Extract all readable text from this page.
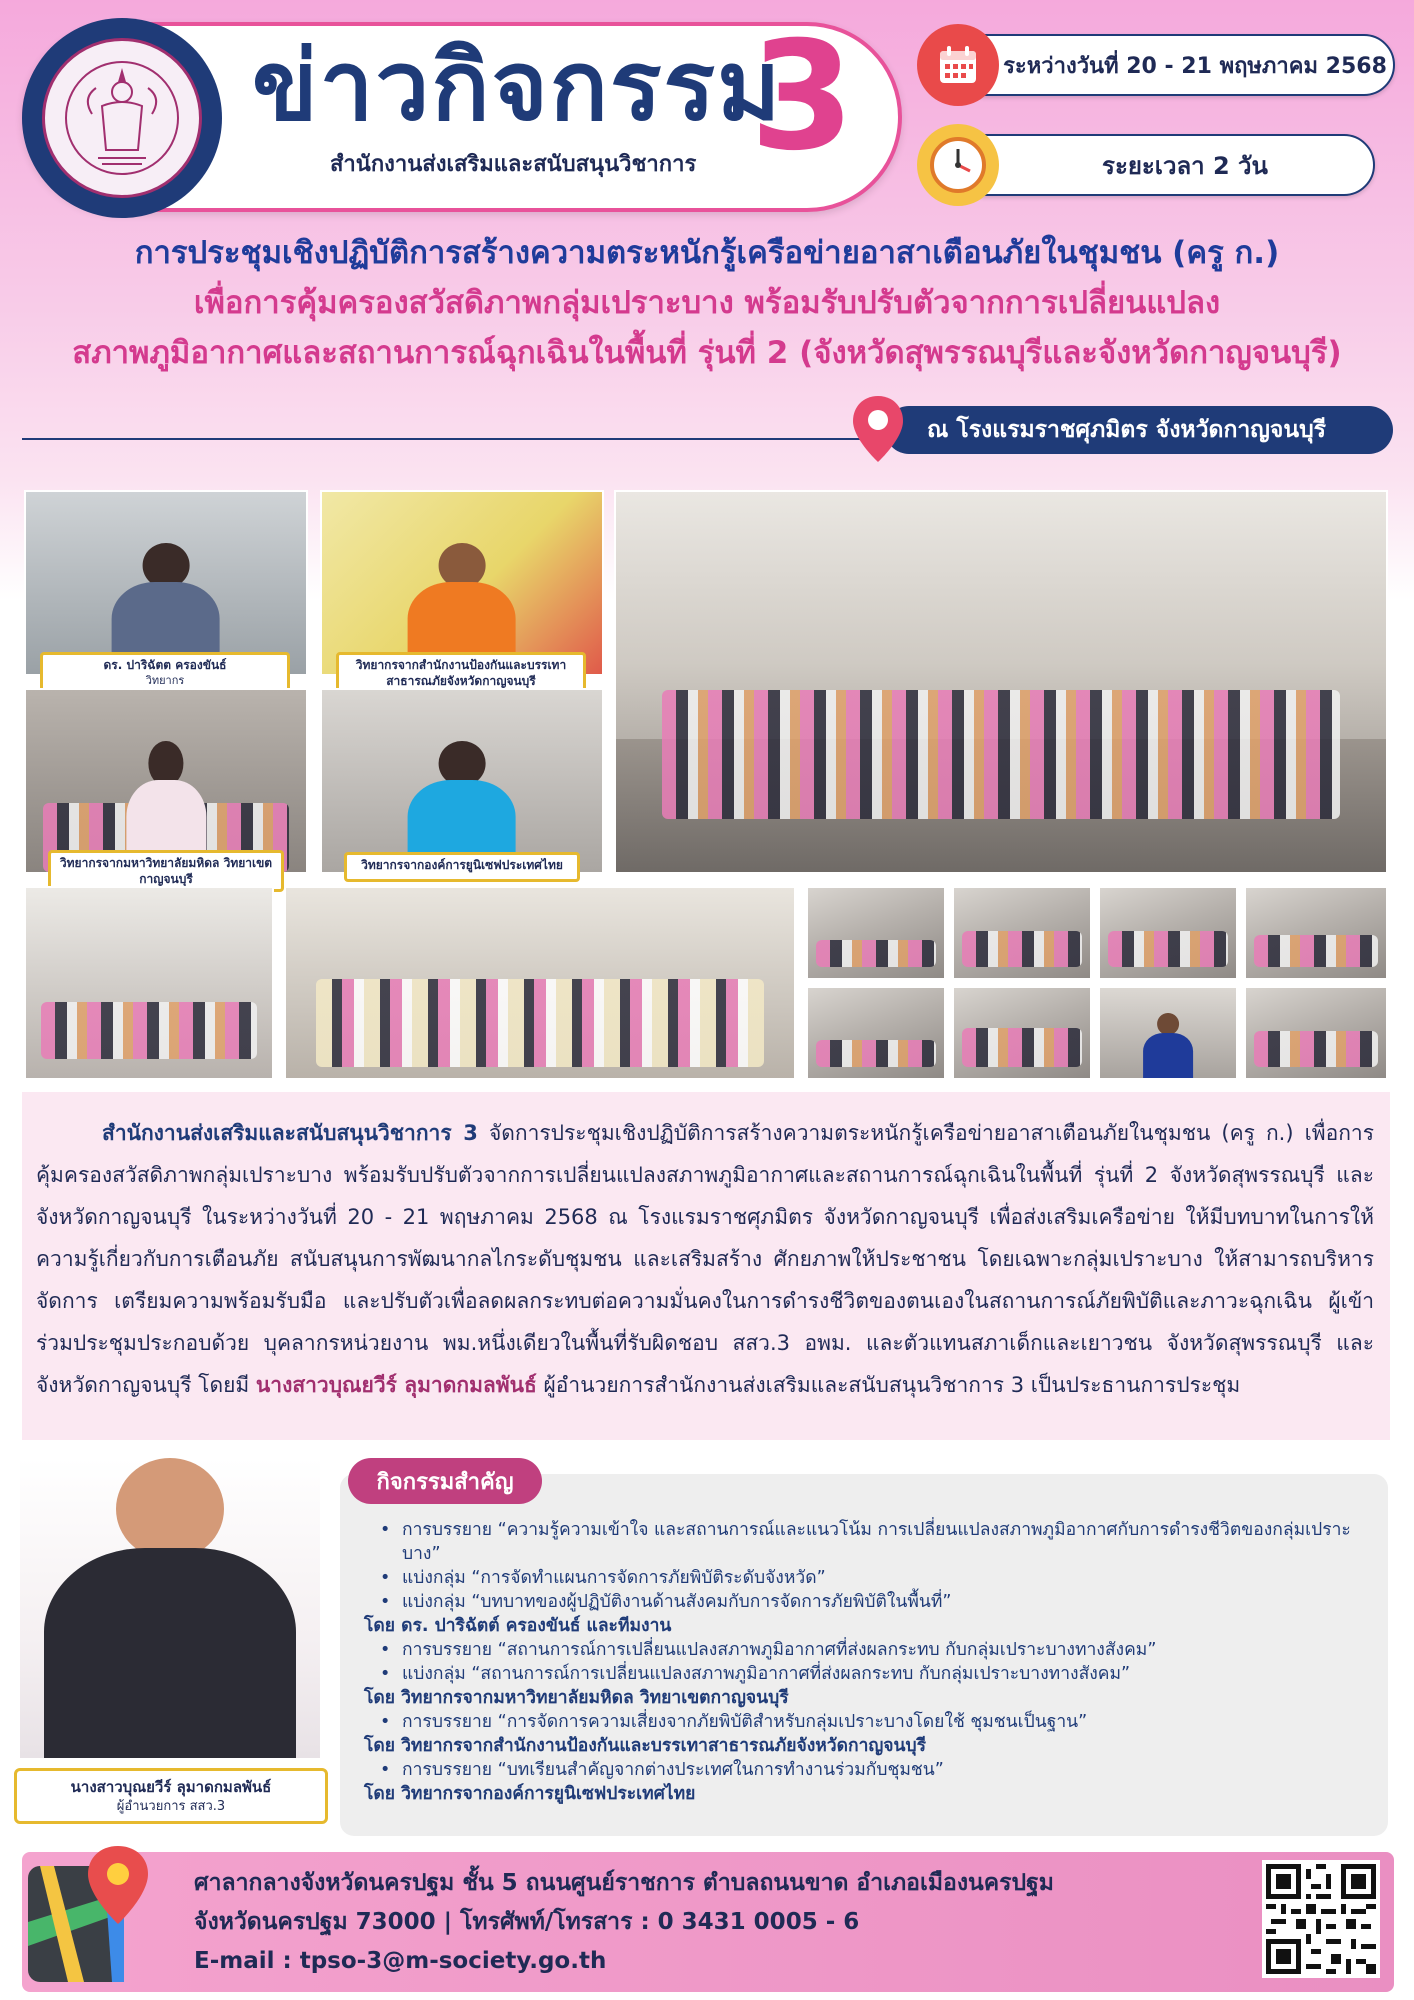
ข่าวกิจกรรม
3
สำนักงานส่งเสริมและสนับสนุนวิชาการ
ระหว่างวันที่ 20 - 21 พฤษภาคม 2568
ระยะเวลา 2 วัน
การประชุมเชิงปฏิบัติการสร้างความตระหนักรู้เครือข่ายอาสาเตือนภัยในชุมชน (ครู ก.)
เพื่อการคุ้มครองสวัสดิภาพกลุ่มเปราะบาง พร้อมรับปรับตัวจากการเปลี่ยนแปลง
สภาพภูมิอากาศและสถานการณ์ฉุกเฉินในพื้นที่ รุ่นที่ 2 (จังหวัดสุพรรณบุรีและจังหวัดกาญจนบุรี)
ณ โรงแรมราชศุภมิตร จังหวัดกาญจนบุรี
ดร. ปาริฉัตต ครองขันธ์
วิทยากร
วิทยากรจากสำนักงานป้องกันและบรรเทาสาธารณภัยจังหวัดกาญจนบุรี
วิทยากรจากมหาวิทยาลัยมหิดล วิทยาเขตกาญจนบุรี
วิทยากรจากองค์การยูนิเซฟประเทศไทย
สำนักงานส่งเสริมและสนับสนุนวิชาการ 3 จัดการประชุมเชิงปฏิบัติการสร้างความตระหนักรู้เครือข่ายอาสาเตือนภัยในชุมชน (ครู ก.) เพื่อการคุ้มครองสวัสดิภาพกลุ่มเปราะบาง พร้อมรับปรับตัวจากการเปลี่ยนแปลงสภาพภูมิอากาศและสถานการณ์ฉุกเฉินในพื้นที่ รุ่นที่ 2 จังหวัดสุพรรณบุรี และจังหวัดกาญจนบุรี ในระหว่างวันที่ 20 - 21 พฤษภาคม 2568 ณ โรงแรมราชศุภมิตร จังหวัดกาญจนบุรี เพื่อส่งเสริมเครือข่าย ให้มีบทบาทในการให้ความรู้เกี่ยวกับการเตือนภัย สนับสนุนการพัฒนากลไกระดับชุมชน และเสริมสร้าง ศักยภาพให้ประชาชน โดยเฉพาะกลุ่มเปราะบาง ให้สามารถบริหารจัดการ เตรียมความพร้อมรับมือ และปรับตัวเพื่อลดผลกระทบต่อความมั่นคงในการดำรงชีวิตของตนเองในสถานการณ์ภัยพิบัติและภาวะฉุกเฉิน ผู้เข้าร่วมประชุมประกอบด้วย บุคลากรหน่วยงาน พม.หนึ่งเดียวในพื้นที่รับผิดชอบ สสว.3 อพม. และตัวแทนสภาเด็กและเยาวชน จังหวัดสุพรรณบุรี และจังหวัดกาญจนบุรี โดยมี นางสาวบุณยวีร์ ลุมาดกมลพันธ์ ผู้อำนวยการสำนักงานส่งเสริมและสนับสนุนวิชาการ 3 เป็นประธานการประชุม
นางสาวบุณยวีร์ ลุมาดกมลพันธ์
ผู้อำนวยการ สสว.3
กิจกรรมสำคัญ
• การบรรยาย “ความรู้ความเข้าใจ และสถานการณ์และแนวโน้ม การเปลี่ยนแปลงสภาพภูมิอากาศกับการดำรงชีวิตของกลุ่มเปราะบาง”
• แบ่งกลุ่ม “การจัดทำแผนการจัดการภัยพิบัติระดับจังหวัด”
• แบ่งกลุ่ม “บทบาทของผู้ปฏิบัติงานด้านสังคมกับการจัดการภัยพิบัติในพื้นที่”
โดย ดร. ปาริฉัตต์ ครองขันธ์ และทีมงาน
• การบรรยาย “สถานการณ์การเปลี่ยนแปลงสภาพภูมิอากาศที่ส่งผลกระทบ กับกลุ่มเปราะบางทางสังคม”
• แบ่งกลุ่ม “สถานการณ์การเปลี่ยนแปลงสภาพภูมิอากาศที่ส่งผลกระทบ กับกลุ่มเปราะบางทางสังคม”
โดย วิทยากรจากมหาวิทยาลัยมหิดล วิทยาเขตกาญจนบุรี
• การบรรยาย “การจัดการความเสี่ยงจากภัยพิบัติสำหรับกลุ่มเปราะบางโดยใช้ ชุมชนเป็นฐาน”
โดย วิทยากรจากสำนักงานป้องกันและบรรเทาสาธารณภัยจังหวัดกาญจนบุรี
• การบรรยาย “บทเรียนสำคัญจากต่างประเทศในการทำงานร่วมกับชุมชน”
โดย วิทยากรจากองค์การยูนิเซฟประเทศไทย
ศาลากลางจังหวัดนครปฐม ชั้น 5 ถนนศูนย์ราชการ ตำบลถนนขาด อำเภอเมืองนครปฐม
จังหวัดนครปฐม 73000 | โทรศัพท์/โทรสาร : 0 3431 0005 - 6
E-mail : tpso-3@m-society.go.th
